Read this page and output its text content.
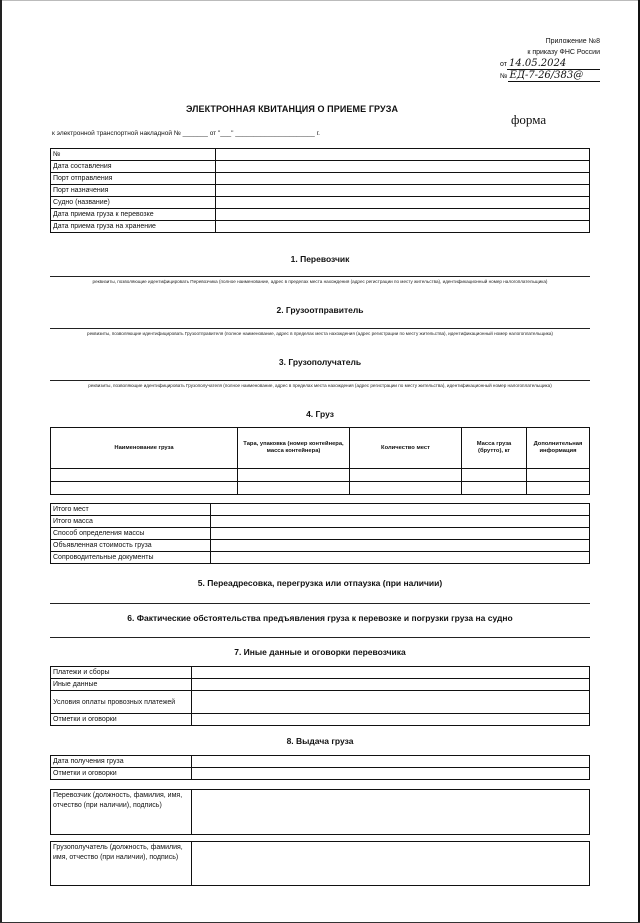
Приложение №8
к приказу ФНС России
от 14.05.2024
№ ЕД-7-26/383@
форма
ЭЛЕКТРОННАЯ КВИТАНЦИЯ О ПРИЕМЕ ГРУЗА
к электронной транспортной накладной № _______ от "___" ______________________ г.
№	
Дата составления	
Порт отправления	
Порт назначения	
Судно (название)	
Дата приема груза к перевозке	
Дата приема груза на хранение	
1. Перевозчик
реквизиты, позволяющие идентифицировать Перевозчика (полное наименование, адрес в пределах места нахождения (адрес регистрации по месту жительства), идентификационный номер налогоплательщика)
2. Грузоотправитель
реквизиты, позволяющие идентифицировать Грузоотправителя (полное наименование, адрес в пределах места нахождения (адрес регистрации по месту жительства), идентификационный номер налогоплательщика)
3. Грузополучатель
реквизиты, позволяющие идентифицировать Грузополучателя (полное наименование, адрес в пределах места нахождения (адрес регистрации по месту жительства), идентификационный номер налогоплательщика)
4. Груз
Наименование груза	Тара, упаковка (номер контейнера, масса контейнера)	Количество мест	Масса груза (брутто), кг	Дополнительная информация

Итого мест	
Итого масса	
Способ определения массы	
Объявленная стоимость груза	
Сопроводительные документы	
5. Переадресовка, перегрузка или отпаузка (при наличии)
6. Фактические обстоятельства предъявления груза к перевозке и погрузки груза на судно
7. Иные данные и оговорки перевозчика
Платежи и сборы	
Иные данные	
Условия оплаты провозных платежей	
Отметки и оговорки	
8. Выдача груза
Дата получения груза	
Отметки и оговорки	
Перевозчик (должность, фамилия, имя, отчество (при наличии), подпись)	
Грузополучатель (должность, фамилия, имя, отчество (при наличии), подпись)	
